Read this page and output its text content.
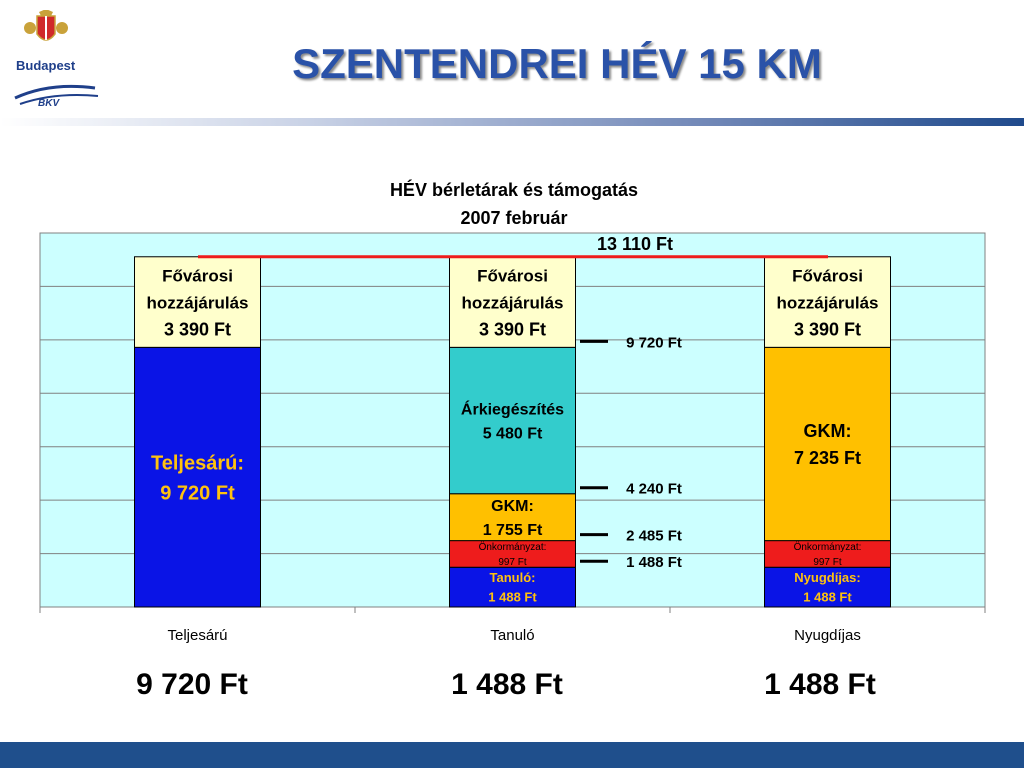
Budapest
BKV
SZENTENDREI HÉV 15 KM
HÉV bérletárak és támogatás
2007 február
Teljesárú:
9 720 Ft
Fővárosi
hozzájárulás
3 390 Ft
Teljesárú
Tanuló:
1 488 Ft
Önkormányzat:
997 Ft
GKM:
1 755 Ft
Árkiegészítés
5 480 Ft
Fővárosi
hozzájárulás
3 390 Ft
Tanuló
Nyugdíjas:
1 488 Ft
Önkormányzat:
997 Ft
GKM:
7 235 Ft
Fővárosi
hozzájárulás
3 390 Ft
Nyugdíjas
13 110 Ft
9 720 Ft
4 240 Ft
2 485 Ft
1 488 Ft
9 720 Ft	1 488 Ft	1 488 Ft
